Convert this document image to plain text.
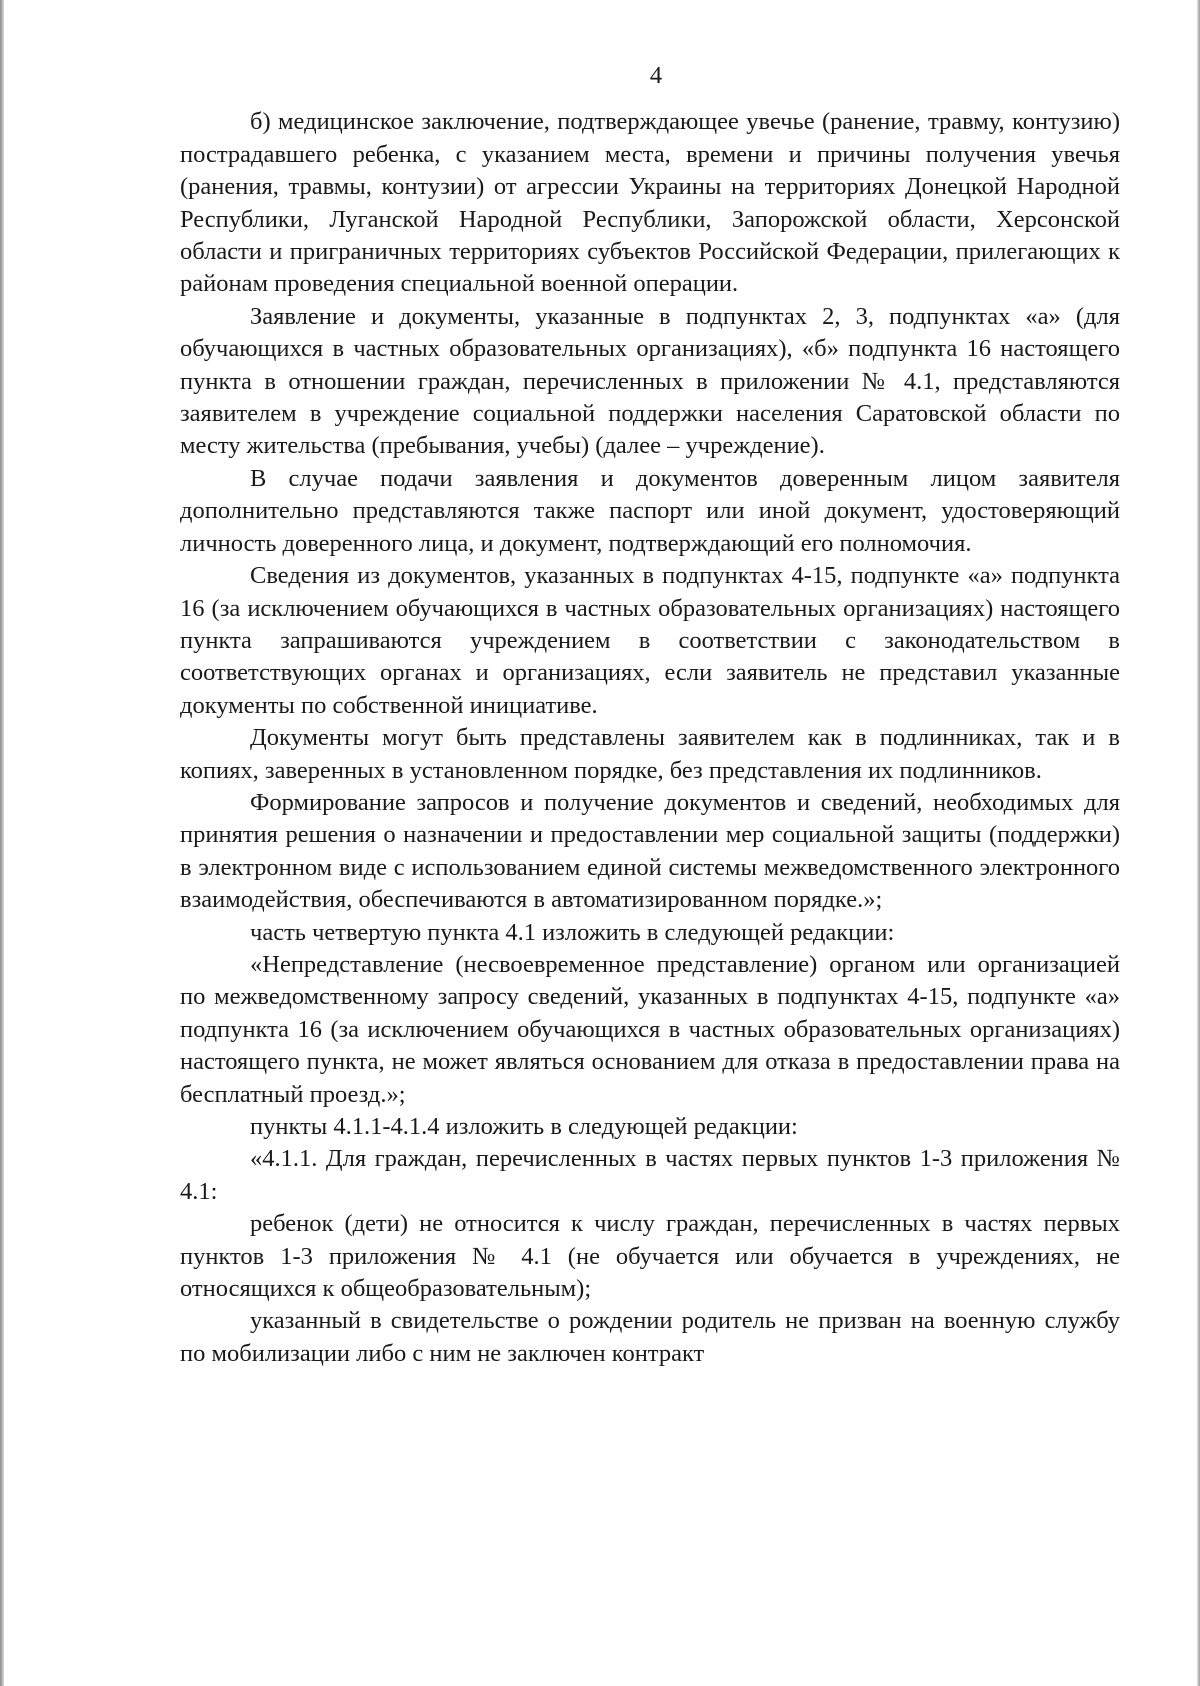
4

б) медицинское заключение, подтверждающее увечье (ранение, травму, контузию) пострадавшего ребенка, с указанием места, времени и причины получения увечья (ранения, травмы, контузии) от агрессии Украины на территориях Донецкой Народной Республики, Луганской Народной Республики, Запорожской области, Херсонской области и приграничных территориях субъектов Российской Федерации, прилегающих к районам проведения специальной военной операции.

Заявление и документы, указанные в подпунктах 2, 3, подпунктах «а» (для обучающихся в частных образовательных организациях), «б» подпункта 16 настоящего пункта в отношении граждан, перечисленных в приложении № 4.1, представляются заявителем в учреждение социальной поддержки населения Саратовской области по месту жительства (пребывания, учебы) (далее – учреждение).

В случае подачи заявления и документов доверенным лицом заявителя дополнительно представляются также паспорт или иной документ, удостоверяющий личность доверенного лица, и документ, подтверждающий его полномочия.

Сведения из документов, указанных в подпунктах 4-15, подпункте «а» подпункта 16 (за исключением обучающихся в частных образовательных организациях) настоящего пункта запрашиваются учреждением в соответствии с законодательством в соответствующих органах и организациях, если заявитель не представил указанные документы по собственной инициативе.

Документы могут быть представлены заявителем как в подлинниках, так и в копиях, заверенных в установленном порядке, без представления их подлинников.

Формирование запросов и получение документов и сведений, необходимых для принятия решения о назначении и предоставлении мер социальной защиты (поддержки) в электронном виде с использованием единой системы межведомственного электронного взаимодействия, обеспечиваются в автоматизированном порядке.»;

часть четвертую пункта 4.1 изложить в следующей редакции:

«Непредставление (несвоевременное представление) органом или организацией по межведомственному запросу сведений, указанных в подпунктах 4-15, подпункте «а» подпункта 16 (за исключением обучающихся в частных образовательных организациях) настоящего пункта, не может являться основанием для отказа в предоставлении права на бесплатный проезд.»;

пункты 4.1.1-4.1.4 изложить в следующей редакции:

«4.1.1. Для граждан, перечисленных в частях первых пунктов 1-3 приложения № 4.1:

ребенок (дети) не относится к числу граждан, перечисленных в частях первых пунктов 1-3 приложения № 4.1 (не обучается или обучается в учреждениях, не относящихся к общеобразовательным);

указанный в свидетельстве о рождении родитель не призван на военную службу по мобилизации либо с ним не заключен контракт
